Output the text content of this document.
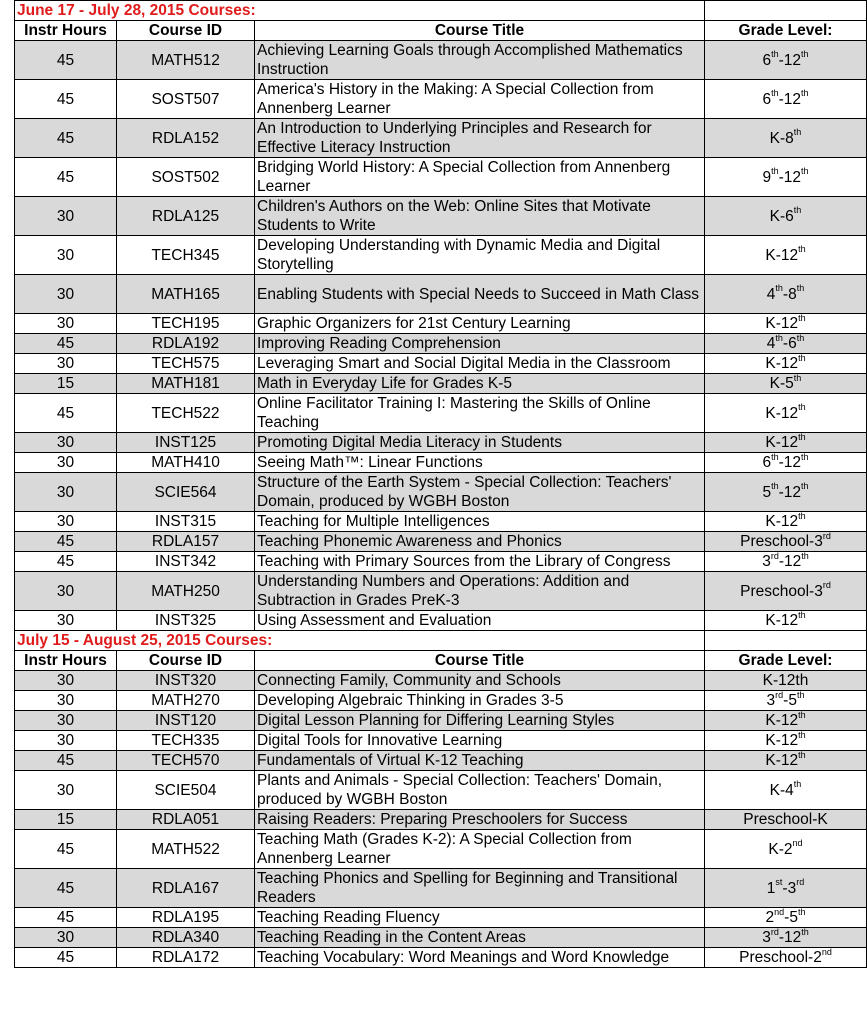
June 17 - July 28, 2015 Courses:			
Instr Hours	Course ID	Course Title	Grade Level:
45	MATH512	Achieving Learning Goals through Accomplished Mathematics Instruction	6th-12th
45	SOST507	America's History in the Making: A Special Collection from Annenberg Learner	6th-12th
45	RDLA152	An Introduction to Underlying Principles and Research for Effective Literacy Instruction	K-8th
45	SOST502	Bridging World History: A Special Collection from Annenberg Learner	9th-12th
30	RDLA125	Children's Authors on the Web: Online Sites that Motivate Students to Write	K-6th
30	TECH345	Developing Understanding with Dynamic Media and Digital Storytelling	K-12th
30	MATH165	Enabling Students with Special Needs to Succeed in Math Class	4th-8th
30	TECH195	Graphic Organizers for 21st Century Learning	K-12th
45	RDLA192	Improving Reading Comprehension	4th-6th
30	TECH575	Leveraging Smart and Social Digital Media in the Classroom	K-12th
15	MATH181	Math in Everyday Life for Grades K-5	K-5th
45	TECH522	Online Facilitator Training I: Mastering the Skills of Online Teaching	K-12th
30	INST125	Promoting Digital Media Literacy in Students	K-12th
30	MATH410	Seeing Math™: Linear Functions	6th-12th
30	SCIE564	Structure of the Earth System - Special Collection: Teachers' Domain, produced by WGBH Boston	5th-12th
30	INST315	Teaching for Multiple Intelligences	K-12th
45	RDLA157	Teaching Phonemic Awareness and Phonics	Preschool-3rd
45	INST342	Teaching with Primary Sources from the Library of Congress	3rd-12th
30	MATH250	Understanding Numbers and Operations: Addition and Subtraction in Grades PreK-3	Preschool-3rd
30	INST325	Using Assessment and Evaluation	K-12th
July 15 - August 25, 2015 Courses:			
Instr Hours	Course ID	Course Title	Grade Level:
30	INST320	Connecting Family, Community and Schools	K-12th
30	MATH270	Developing Algebraic Thinking in Grades 3-5	3rd-5th
30	INST120	Digital Lesson Planning for Differing Learning Styles	K-12th
30	TECH335	Digital Tools for Innovative Learning	K-12th
45	TECH570	Fundamentals of Virtual K-12 Teaching	K-12th
30	SCIE504	Plants and Animals - Special Collection: Teachers' Domain, produced by WGBH Boston	K-4th
15	RDLA051	Raising Readers: Preparing Preschoolers for Success	Preschool-K
45	MATH522	Teaching Math (Grades K-2): A Special Collection from Annenberg Learner	K-2nd
45	RDLA167	Teaching Phonics and Spelling for Beginning and Transitional Readers	1st-3rd
45	RDLA195	Teaching Reading Fluency	2nd-5th
30	RDLA340	Teaching Reading in the Content Areas	3rd-12th
45	RDLA172	Teaching Vocabulary: Word Meanings and Word Knowledge	Preschool-2nd
